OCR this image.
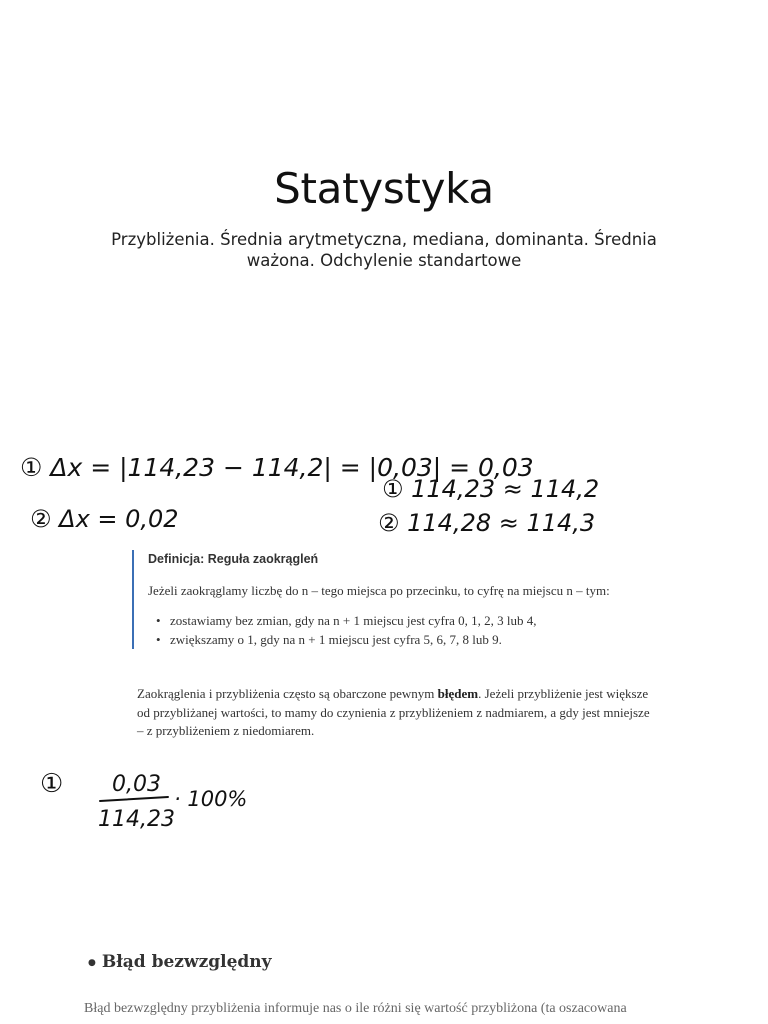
Statystyka
Przybliżenia. Średnia arytmetyczna, mediana, dominanta. Średnia ważona. Odchylenie standartowe
① Δx = |114,23 − 114,2| = |0,03| = 0,03
② Δx = 0,02
① 114,23 ≈ 114,2
② 114,28 ≈ 114,3
① 0,03
114,23
· 100%
Definicja: Reguła zaokrągleń
Jeżeli zaokrąglamy liczbę do n – tego miejsca po przecinku, to cyfrę na miejscu n – tym:
• zostawiamy bez zmian, gdy na n + 1 miejscu jest cyfra 0, 1, 2, 3 lub 4,
• zwiększamy o 1, gdy na n + 1 miejscu jest cyfra 5, 6, 7, 8 lub 9.
Zaokrąglenia i przybliżenia często są obarczone pewnym błędem. Jeżeli przybliżenie jest większe od przybliżanej wartości, to mamy do czynienia z przybliżeniem z nadmiarem, a gdy jest mniejsze – z przybliżeniem z niedomiarem.
● Błąd bezwzględny
Błąd bezwzględny przybliżenia informuje nas o ile różni się wartość przybliżona (ta oszacowana
